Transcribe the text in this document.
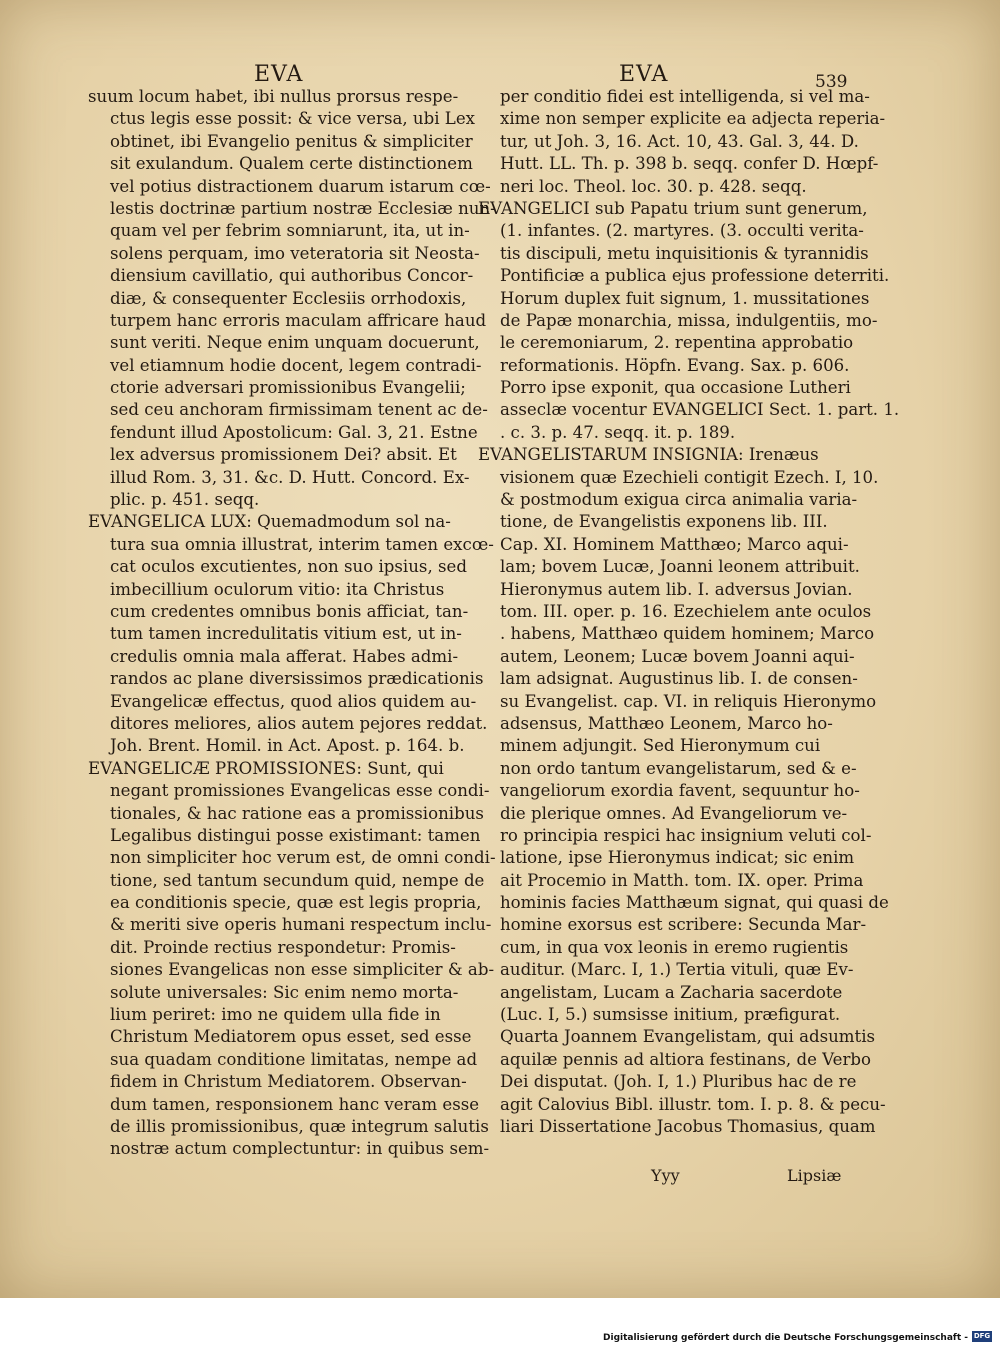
EVA	EVA	539
suum locum habet, ibi nullus prorsus respe-
ctus legis esse possit: & vice versa, ubi Lex
obtinet, ibi Evangelio penitus & simpliciter
sit exulandum. Qualem certe distinctionem
vel potius distractionem duarum istarum cœ-
lestis doctrinæ partium nostræ Ecclesiæ nun-
quam vel per febrim somniarunt, ita, ut in-
solens perquam, imo veteratoria sit Neosta-
diensium cavillatio, qui authoribus Concor-
diæ, & consequenter Ecclesiis orrhodoxis,
turpem hanc erroris maculam affricare haud
sunt veriti. Neque enim unquam docuerunt,
vel etiamnum hodie docent, legem contradi-
ctorie adversari promissionibus Evangelii;
sed ceu anchoram firmissimam tenent ac de-
fendunt illud Apostolicum: Gal. 3, 21. Estne
lex adversus promissionem Dei? absit. Et
illud Rom. 3, 31. &c. D. Hutt. Concord. Ex-
plic. p. 451. seqq.
EVANGELICA LUX: Quemadmodum sol na-
tura sua omnia illustrat, interim tamen excœ-
cat oculos excutientes, non suo ipsius, sed
imbecillium oculorum vitio: ita Christus
cum credentes omnibus bonis afficiat, tan-
tum tamen incredulitatis vitium est, ut in-
credulis omnia mala afferat. Habes admi-
randos ac plane diversissimos prædicationis
Evangelicæ effectus, quod alios quidem au-
ditores meliores, alios autem pejores reddat.
Joh. Brent. Homil. in Act. Apost. p. 164. b.
EVANGELICÆ PROMISSIONES: Sunt, qui
negant promissiones Evangelicas esse condi-
tionales, & hac ratione eas a promissionibus
Legalibus distingui posse existimant: tamen
non simpliciter hoc verum est, de omni condi-
tione, sed tantum secundum quid, nempe de
ea conditionis specie, quæ est legis propria,
& meriti sive operis humani respectum inclu-
dit. Proinde rectius respondetur: Promis-
siones Evangelicas non esse simpliciter & ab-
solute universales: Sic enim nemo morta-
lium periret: imo ne quidem ulla fide in
Christum Mediatorem opus esset, sed esse
sua quadam conditione limitatas, nempe ad
fidem in Christum Mediatorem. Observan-
dum tamen, responsionem hanc veram esse
de illis promissionibus, quæ integrum salutis
nostræ actum complectuntur: in quibus sem-
per conditio fidei est intelligenda, si vel ma-
xime non semper explicite ea adjecta reperia-
tur, ut Joh. 3, 16. Act. 10, 43. Gal. 3, 44. D.
Hutt. LL. Th. p. 398 b. seqq. confer D. Hœpf-
neri loc. Theol. loc. 30. p. 428. seqq.
EVANGELICI sub Papatu trium sunt generum,
(1. infantes. (2. martyres. (3. occulti verita-
tis discipuli, metu inquisitionis & tyrannidis
Pontificiæ a publica ejus professione deterriti.
Horum duplex fuit signum, 1. mussitationes
de Papæ monarchia, missa, indulgentiis, mo-
le ceremoniarum, 2. repentina approbatio
reformationis. Höpfn. Evang. Sax. p. 606.
Porro ipse exponit, qua occasione Lutheri
asseclæ vocentur EVANGELICI Sect. 1. part. 1.
. c. 3. p. 47. seqq. it. p. 189.
EVANGELISTARUM INSIGNIA: Irenæus
visionem quæ Ezechieli contigit Ezech. I, 10.
& postmodum exigua circa animalia varia-
tione, de Evangelistis exponens lib. III.
Cap. XI. Hominem Matthæo; Marco aqui-
lam; bovem Lucæ, Joanni leonem attribuit.
Hieronymus autem lib. I. adversus Jovian.
tom. III. oper. p. 16. Ezechielem ante oculos
. habens, Matthæo quidem hominem; Marco
autem, Leonem; Lucæ bovem Joanni aqui-
lam adsignat. Augustinus lib. I. de consen-
su Evangelist. cap. VI. in reliquis Hieronymo
adsensus, Matthæo Leonem, Marco ho-
minem adjungit. Sed Hieronymum cui
non ordo tantum evangelistarum, sed & e-
vangeliorum exordia favent, sequuntur ho-
die plerique omnes. Ad Evangeliorum ve-
ro principia respici hac insignium veluti col-
latione, ipse Hieronymus indicat; sic enim
ait Procemio in Matth. tom. IX. oper. Prima
hominis facies Matthæum signat, qui quasi de
homine exorsus est scribere: Secunda Mar-
cum, in qua vox leonis in eremo rugientis
auditur. (Marc. I, 1.) Tertia vituli, quæ Ev-
angelistam, Lucam a Zacharia sacerdote
(Luc. I, 5.) sumsisse initium, præfigurat.
Quarta Joannem Evangelistam, qui adsumtis
aquilæ pennis ad altiora festinans, de Verbo
Dei disputat. (Joh. I, 1.) Pluribus hac de re
agit Calovius Bibl. illustr. tom. I. p. 8. & pecu-
liari Dissertatione Jacobus Thomasius, quam
Yyy	Lipsiæ
Digitalisierung gefördert durch die Deutsche Forschungsgemeinschaft - DFG
